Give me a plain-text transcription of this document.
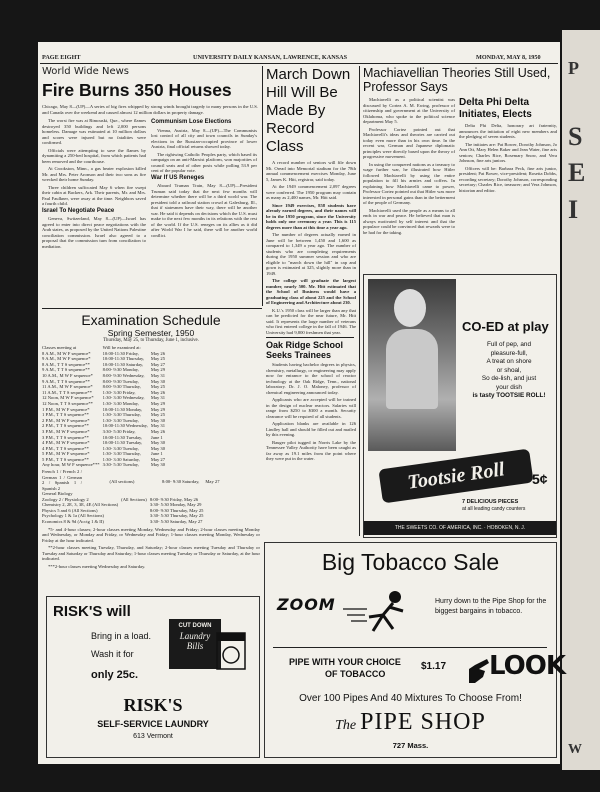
P
S
E
I
W
PAGE EIGHT	UNIVERSITY DAILY KANSAN, LAWRENCE, KANSAS	MONDAY, MAY 8, 1950
World Wide News
Fire Burns 350 Houses
Chicago, May 8—(UP)—A series of big fires whipped by strong winds brought tragedy to many persons in the U.S. and Canada over the weekend and caused almost 12 million dollars in property damage.

The worst fire was at Rimouski, Que., where flames destroyed 350 buildings and left 2,000 persons homeless. Damage was estimated at 10 million dollars and scores were injured but no fatalities were confirmed.

Officials were attempting to save the flames by dynamiting a 250-bed hospital, from which patients had been removed and the courthouse.

At Crookston, Minn., a gas heater explosion killed Mr. and Mrs. Peter Aronson and their two sons as fire wrecked their home Sunday.

Three children suffocated May 6 when fire swept their cabin at Backers, Ark. Their parents, Mr. and Mrs. Paul Faulkner, were away at the time. Neighbors saved a fourth child.

Israel To Negotiate Peace

Geneva, Switzerland, May 8—(UP)—Israel has agreed to enter into direct peace negotiations with the Arab states, as proposed by the United Nations Palestine conciliation commission. Israel also agreed to a proposal that the commission turn from conciliation to mediation.

Communism Lose Elections

Vienna, Austria, May 8—(UP)—The Communists lost control of all city and town councils in Sunday's elections in the Russian-occupied province of lower Austria, final official returns showed today.

The rightwing Catholic Peoples party, which based its campaign on an anti-Marxist platform, won majorities of council seats and of other posts while polling 53.9 per cent of the popular vote.

War If US Reneges

Aboard Truman Train, May 8—(UP)—President Truman said today that the next few months will determine whether there will be a third world war. The president told a railroad station crowd at Galesburg, Ill., that if statesmen have their way, there will be another war. He said it depends on decisions which the U.S. must make to the next few months in its relations with the rest of the world. If the U.S. reneges on its allies as it did after World War I he said, there will be another world conflict.

March Down Hill Will Be Made By Record Class

A record number of seniors will file down Mt. Oread into Memorial stadium for the 78th annual commencement exercises Monday, June 5, James K. Hitt, registrar, said today.

At the 1949 commencement 2,097 degrees were conferred. The 1950 program may contain as many as 2,400 names, Mr. Hitt said.

Since 1949 exercises, 858 students have already earned degrees, and their names will be in the 1950 program, since the University holds only one ceremony a year. This is 115 degrees more than at this time a year ago.

The number of degrees actually earned in June will be between 1,450 and 1,600 as compared to 1,349 a year ago. The number of students who are completing requirements during the 1950 summer session and who are eligible to "march down the hill" in cap and gown is estimated at 325, slightly more than in 1949.

The college will graduate the largest number, nearly 500. Mr. Hitt estimated that the School of Business would have a graduating class of about 225 and the School of Engineering and Architecture about 230.

K.U.'s 1950 class will be larger than any that can be predicted for the near future, Mr. Hitt said. It represents the large number of veterans who first entered college in the fall of 1946. The University had 9,800 freshmen that year.

Oak Ridge School Seeks Trainees

Students having bachelor degrees in physics, chemistry, metallurgy, or engineering may apply now for entrance to the school of reactor technology at the Oak Ridge, Tenn., national laboratory. Dr. J. O. Maloney, professor of chemical engineering announced today.

Applicants who are accepted will be trained in the design of nuclear reactors. Salaries will range from $250 to $300 a month. Security clearance will be required of all students.

Application blanks are available in 126 Lindley hall and should be filled out and mailed by this evening.

Bauger pilot tugged in Norris Lake by the Tennessee Valley Authority have been caught as far away as 19.1 miles from the point where they were put in the water.

Machiavellian Theories Still Used, Professor Says

Machiavelli as a political scientist was discussed by Cortez A. M. Ewing, professor of citizenship and government at the University of Oklahoma, who spoke to the political science department May 5.

Professor Cortez pointed out that Machiavelli's ideas and theories are carried out today even more than in his own time. In the recent war, German and Japanese diplomatic principles were directly based upon the theory of progressive movement.

In using the conquered nations as a treasury to wage further war, he illustrated how Hitler followed Machiavelli by using the entire population to fill his armies and coffers. In explaining how Machiavelli came to power, Professor Cortez pointed out that Hitler was more interested in personal gains than in the betterment of the people of Germany.

Machiavelli used the people as a means to all ends in war and peace. He believed that man is always motivated by self interest and that the populace could be convinced that rewards were to be had for the taking.

Delta Phi Delta Initiates, Elects

Delta Phi Delta, honorary art fraternity, announces the initiation of eight new members and the pledging of seven students.

The initiates are: Pat Bower, Dorothy Johnson, Jo Ann Ott, Mary Helen Baker and Jean Water, fine arts seniors; Charles Rice, Rosemary Snow, and Vera Johnson, fine arts juniors.

Officers will be: Barbara Peck, fine arts junior, president; Pat Bower, vice-president; Rosetta Dobbs, recording secretary; Dorothy Johnson, corresponding secretary; Charles Rice, treasurer; and Vera Johnson, historian and editor.

CO-ED at play
Full of pep, and
pleasure-full,
A treat on shore
or shoal,
So de-lish, and just
your dish
is tasty TOOTSIE ROLL!
Tootsie Roll	5¢
7 DELICIOUS PIECES
at all leading candy counters
THE SWEETS CO. OF AMERICA, INC. · HOBOKEN, N. J.
Examination Schedule
Spring Semester, 1950
Thursday, May 25, to Thursday, June 1, inclusive.
Classes meeting at	Will be examined at:	
8 A.M., M W F sequence*	10:00-11:30 Friday,	May 26
9 A.M., M W F sequence*	10:00-11:30 Thursday,	May 25
8 A.M., T T S sequence**	10:00-11:30 Saturday,	May 27
9 A.M., T T S sequence**	8:00- 9:30 Monday,	May 29
10 A.M., M W F sequence*	8:00- 9:30 Wednesday,	May 31
9 A.M., T T S sequence**	8:00- 9:30 Tuesday,	May 30
11 A.M., M W F sequence*	8:00- 9:30 Thursday,	May 25
11 A.M., T T S sequence**	1:30- 3:30 Friday,	May 26
12 Noon, M W F sequence*	1:30- 3:30 Wednesday,	May 31
12 Noon, T T S sequence**	1:30- 3:30 Monday,	May 29
1 P.M., M W F sequence*	10:00-11:30 Monday,	May 29
1 P.M., T T S sequence**	1:30- 3:30 Thursday,	May 25
2 P.M., M W F sequence*	1:30- 3:30 Tuesday,	May 30
2 P.M., T T S sequence**	10:00-11:30 Wednesday,	May 31
3 P.M., M W F sequence*	3:30- 5:30 Friday,	May 26
3 P.M., T T S sequence**	10:00-11:30 Tuesday,	June 1
4 P.M., M W F sequence*	10:00-11:30 Tuesday,	May 30
4 P.M., T T S sequence**	1:30- 3:30 Tuesday,	May 30
5 P.M., M W F sequence*	1:30- 3:30 Thursday,	June 1
5 P.M., T T S sequence**	1:30- 3:30 Saturday,	May 27
Any hour, M W F sequence***	3:30- 5:30 Tuesday,	May 30
French 1 / French 2 / German 1 / German 2 / Spanish 1 / Spanish 2
(All sections)	8:00- 9:30 Saturday,	May 27
General Biology		
Zoology 2 / Physiology 2	(All Sections)	8:00- 9:30 Friday, May 26
Chemistry 2, 2E, 3, 3E, 4E (All Sections)		3:30- 5:30 Monday, May 29
Physics 5 and 6 (All Sections)		8:00- 9:30 Thursday, May 25
Psychology 1 & 1a (All Sections)		3:30- 5:30 Thursday, May 25
Economics 8 & 9d (Acctg 1 & II)		3:30- 5:30 Saturday, May 27

*5- and 4-hour classes; 2-hour classes meeting Monday, Wednesday and Friday; 2-hour classes meeting Monday and Wednesday, or Monday and Friday, or Wednesday and Friday; 1-hour classes meeting Monday, Wednesday or Friday at the hour indicated.

**2-hour classes meeting Tuesday, Thursday, and Saturday; 2-hour classes meeting Tuesday and Thursday or Tuesday and Saturday or Thursday and Saturday; 1-hour classes meeting Tuesday or Thursday or Saturday, at the hour indicated.

***2-hour classes meeting Wednesday and Saturday.	Big Tobacco Sale
ZOOM	Hurry down to the Pipe Shop for the biggest bargains in tobacco.
PIPE WITH YOUR CHOICE
OF TOBACCO
$1.17 LOOK
Over 100 Pipes And 40 Mixtures To Choose From!
The PIPE SHOP
727 Mass.
RISK'S will
Bring in a load.
Wash it for
only 25c.
CUT DOWN
Laundry
Bills
RISK'S
SELF-SERVICE LAUNDRY
613 Vermont
